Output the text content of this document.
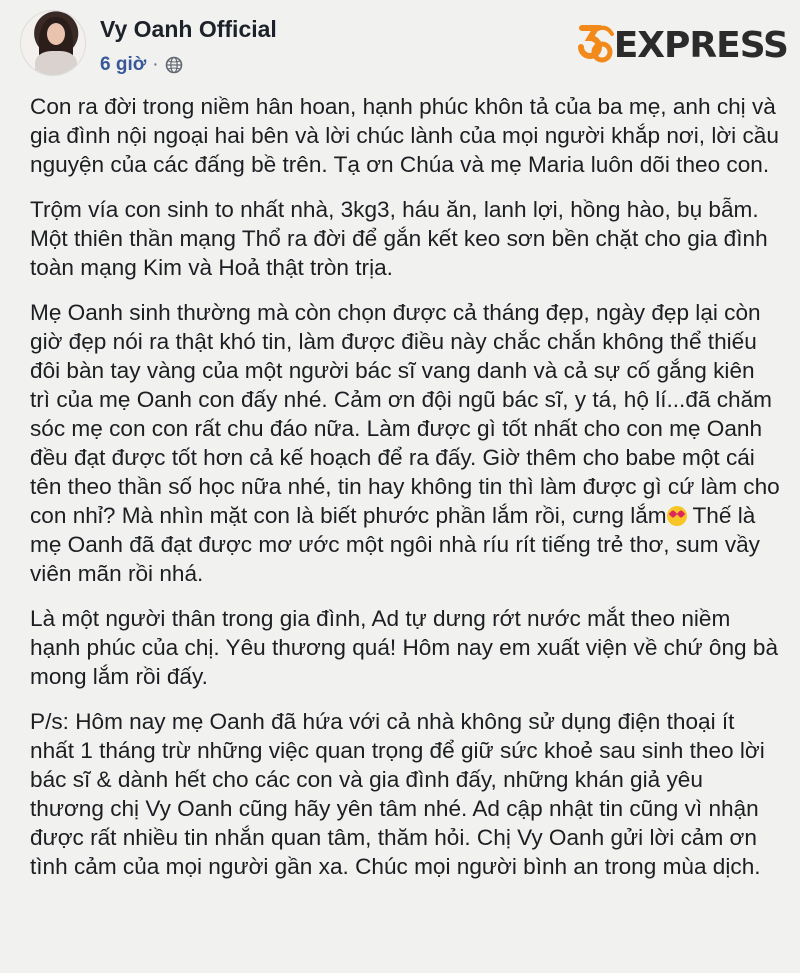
Vy Oanh Official
6 giờ ·	EXPRESS

Con ra đời trong niềm hân hoan, hạnh phúc khôn tả của ba mẹ, anh chị và gia đình nội ngoại hai bên và lời chúc lành của mọi người khắp nơi, lời cầu nguyện của các đấng bề trên. Tạ ơn Chúa và mẹ Maria luôn dõi theo con.

Trộm vía con sinh to nhất nhà, 3kg3, háu ăn, lanh lợi, hồng hào, bụ bẫm. Một thiên thần mạng Thổ ra đời để gắn kết keo sơn bền chặt cho gia đình toàn mạng Kim và Hoả thật tròn trịa.

Mẹ Oanh sinh thường mà còn chọn được cả tháng đẹp, ngày đẹp lại còn giờ đẹp nói ra thật khó tin, làm được điều này chắc chắn không thể thiếu đôi bàn tay vàng của một người bác sĩ vang danh và cả sự cố gắng kiên trì của mẹ Oanh con đấy nhé. Cảm ơn đội ngũ bác sĩ, y tá, hộ lí...đã chăm sóc mẹ con con rất chu đáo nữa. Làm được gì tốt nhất cho con mẹ Oanh đều đạt được tốt hơn cả kế hoạch để ra đấy. Giờ thêm cho babe một cái tên theo thần số học nữa nhé, tin hay không tin thì làm được gì cứ làm cho con nhỉ? Mà nhìn mặt con là biết phước phần lắm rồi, cưng lắm Thế là mẹ Oanh đã đạt được mơ ước một ngôi nhà ríu rít tiếng trẻ thơ, sum vầy viên mãn rồi nhá.

Là một người thân trong gia đình, Ad tự dưng rớt nước mắt theo niềm hạnh phúc của chị. Yêu thương quá! Hôm nay em xuất viện về chứ ông bà mong lắm rồi đấy.

P/s: Hôm nay mẹ Oanh đã hứa với cả nhà không sử dụng điện thoại ít nhất 1 tháng trừ những việc quan trọng để giữ sức khoẻ sau sinh theo lời bác sĩ & dành hết cho các con và gia đình đấy, những khán giả yêu thương chị Vy Oanh cũng hãy yên tâm nhé. Ad cập nhật tin cũng vì nhận được rất nhiều tin nhắn quan tâm, thăm hỏi. Chị Vy Oanh gửi lời cảm ơn tình cảm của mọi người gần xa. Chúc mọi người bình an trong mùa dịch.
